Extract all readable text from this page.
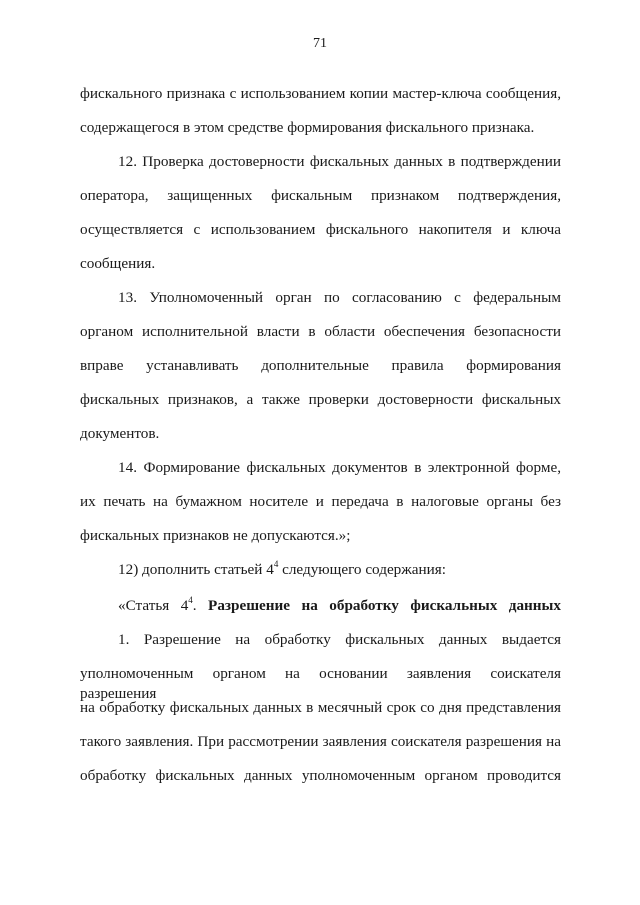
71
фискального признака с использованием копии мастер-ключа сообщения,
содержащегося в этом средстве формирования фискального признака.
12. Проверка достоверности фискальных данных в подтверждении
оператора, защищенных фискальным признаком подтверждения,
осуществляется с использованием фискального накопителя и ключа
сообщения.
13. Уполномоченный орган по согласованию с федеральным
органом исполнительной власти в области обеспечения безопасности
вправе устанавливать дополнительные правила формирования
фискальных признаков, а также проверки достоверности фискальных
документов.
14. Формирование фискальных документов в электронной форме,
их печать на бумажном носителе и передача в налоговые органы без
фискальных признаков не допускаются.»;
12) дополнить статьей $4^4$ следующего содержания:
«Статья $4^4$. Разрешение на обработку фискальных данных
1. Разрешение на обработку фискальных данных выдается
уполномоченным органом на основании заявления соискателя разрешения
на обработку фискальных данных в месячный срок со дня представления
такого заявления. При рассмотрении заявления соискателя разрешения на
обработку фискальных данных уполномоченным органом проводится
